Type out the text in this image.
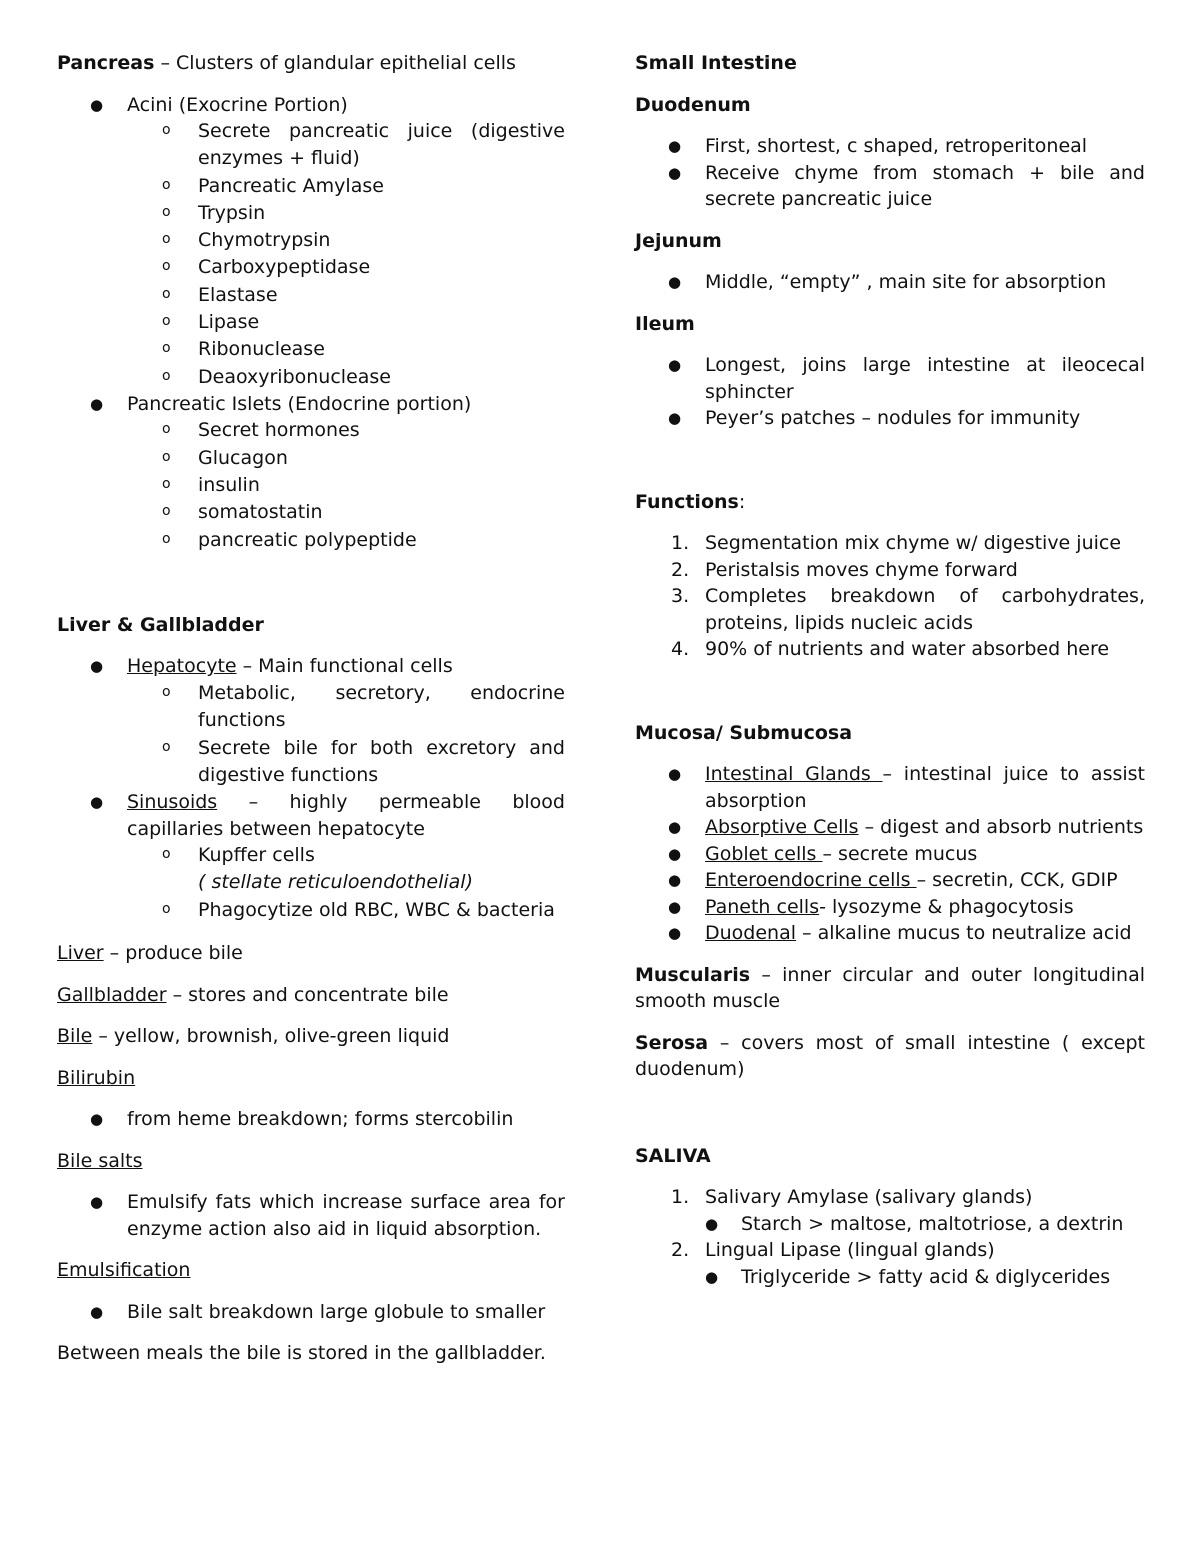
Pancreas – Clusters of glandular epithelial cells

● Acini (Exocrine Portion)
o Secrete pancreatic juice (digestive enzymes + fluid)
o Pancreatic Amylase
o Trypsin
o Chymotrypsin
o Carboxypeptidase
o Elastase
o Lipase
o Ribonuclease
o Deaoxyribonuclease
● Pancreatic Islets (Endocrine portion)
o Secret hormones
o Glucagon
o insulin
o somatostatin
o pancreatic polypeptide

Liver & Gallbladder

● Hepatocyte – Main functional cells
o Metabolic, secretory, endocrine functions
o Secrete bile for both excretory and digestive functions
● Sinusoids – highly permeable blood capillaries between hepatocyte
o Kupffer cells
( stellate reticuloendothelial)
o Phagocytize old RBC, WBC & bacteria

Liver – produce bile

Gallbladder – stores and concentrate bile

Bile – yellow, brownish, olive-green liquid

Bilirubin

● from heme breakdown; forms stercobilin

Bile salts

● Emulsify fats which increase surface area for enzyme action also aid in liquid absorption.

Emulsification

● Bile salt breakdown large globule to smaller

Between meals the bile is stored in the gallbladder.

Small Intestine

Duodenum

● First, shortest, c shaped, retroperitoneal
● Receive chyme from stomach + bile and secrete pancreatic juice

Jejunum

● Middle, “empty” , main site for absorption

Ileum

● Longest, joins large intestine at ileocecal sphincter
● Peyer’s patches – nodules for immunity

Functions:

1. Segmentation mix chyme w/ digestive juice
2. Peristalsis moves chyme forward
3. Completes breakdown of carbohydrates, proteins, lipids nucleic acids
4. 90% of nutrients and water absorbed here

Mucosa/ Submucosa

● Intestinal Glands – intestinal juice to assist absorption
● Absorptive Cells – digest and absorb nutrients
● Goblet cells – secrete mucus
● Enteroendocrine cells – secretin, CCK, GDIP
● Paneth cells- lysozyme & phagocytosis
● Duodenal – alkaline mucus to neutralize acid

Muscularis – inner circular and outer longitudinal smooth muscle

Serosa – covers most of small intestine ( except duodenum)

SALIVA

1. Salivary Amylase (salivary glands)
● Starch > maltose, maltotriose, a dextrin
2. Lingual Lipase (lingual glands)
● Triglyceride > fatty acid & diglycerides
